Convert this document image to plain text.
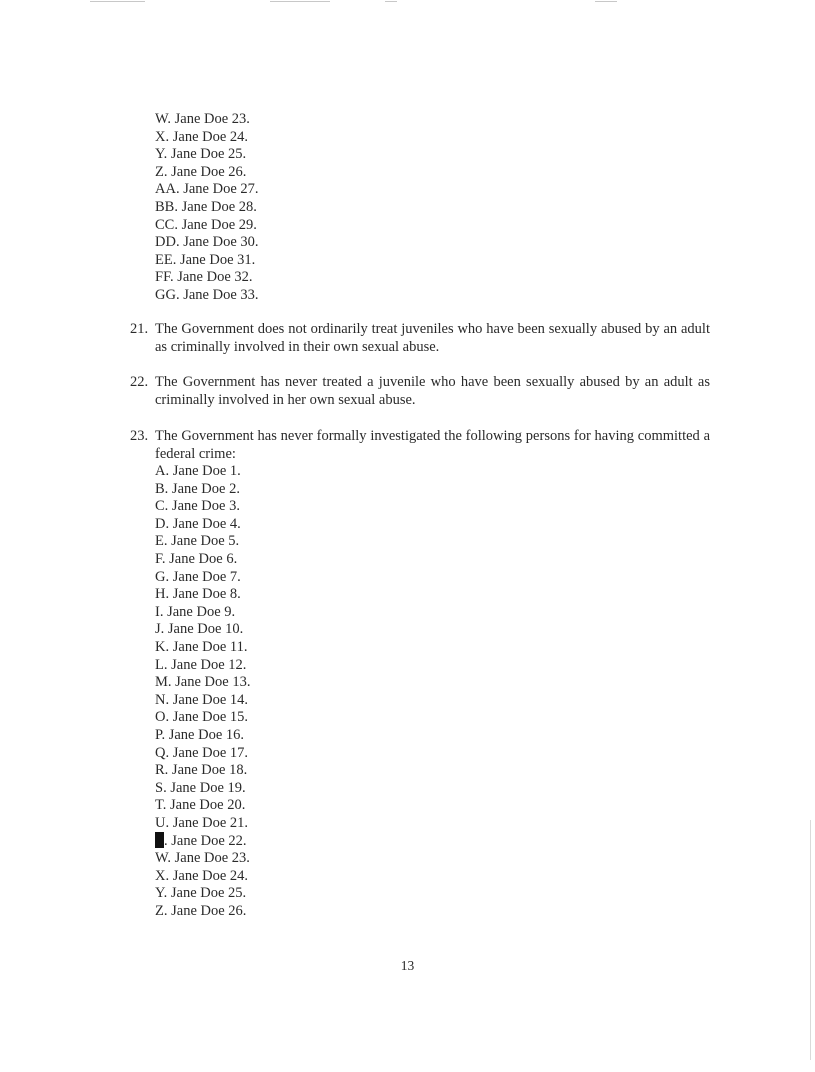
W. Jane Doe 23.
X. Jane Doe 24.
Y. Jane Doe 25.
Z. Jane Doe 26.
AA. Jane Doe 27.
BB. Jane Doe 28.
CC. Jane Doe 29.
DD. Jane Doe 30.
EE. Jane Doe 31.
FF. Jane Doe 32.
GG. Jane Doe 33.
21. The Government does not ordinarily treat juveniles who have been sexually abused by an adult as criminally involved in their own sexual abuse.
22. The Government has never treated a juvenile who have been sexually abused by an adult as criminally involved in her own sexual abuse.
23. The Government has never formally investigated the following persons for having committed a federal crime:
A. Jane Doe 1.
B. Jane Doe 2.
C. Jane Doe 3.
D. Jane Doe 4.
E. Jane Doe 5.
F. Jane Doe 6.
G. Jane Doe 7.
H. Jane Doe 8.
I. Jane Doe 9.
J. Jane Doe 10.
K. Jane Doe 11.
L. Jane Doe 12.
M. Jane Doe 13.
N. Jane Doe 14.
O. Jane Doe 15.
P. Jane Doe 16.
Q. Jane Doe 17.
R. Jane Doe 18.
S. Jane Doe 19.
T. Jane Doe 20.
U. Jane Doe 21.
. Jane Doe 22.
W. Jane Doe 23.
X. Jane Doe 24.
Y. Jane Doe 25.
Z. Jane Doe 26.
13
